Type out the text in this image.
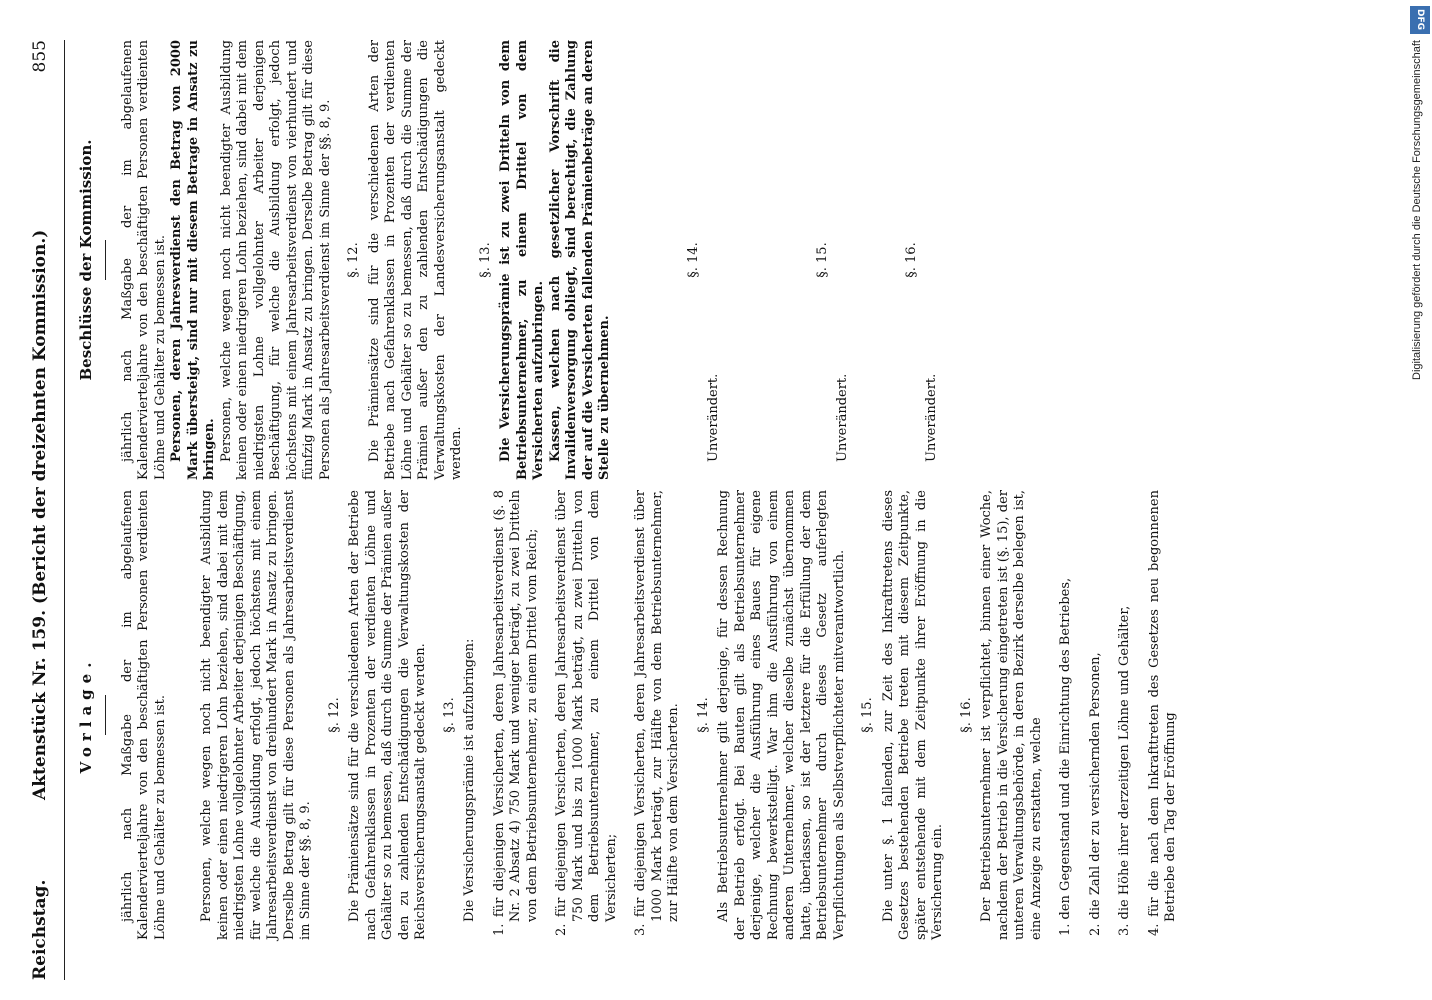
DFG
Digitalisierung gefördert durch die Deutsche Forschungsgemeinschaft
Reichstag.
Aktenstück Nr. 159. (Bericht der dreizehnten Kommission.)
855
Vorlage. jährlich nach Maßgabe der im abgelaufenen Kalendervierteljahre von den beschäftigten Personen verdienten Löhne und Gehälter zu bemessen ist. Personen, welche wegen noch nicht beendigter Ausbildung keinen oder einen niedrigeren Lohn beziehen, sind dabei mit dem niedrigsten Lohne vollgelohnter Arbeiter derjenigen Beschäftigung, für welche die Ausbildung erfolgt, jedoch höchstens mit einem Jahresarbeitsverdienst von dreihundert Mark in Ansatz zu bringen. Derselbe Betrag gilt für diese Personen als Jahresarbeitsverdienst im Sinne der §§. 8, 9.

§. 12. Die Prämiensätze sind für die verschiedenen Arten der Betriebe nach Gefahrenklassen in Prozenten der verdienten Löhne und Gehälter so zu bemessen, daß durch die Summe der Prämien außer den zu zahlenden Entschädigungen die Verwaltungskosten der Reichsversicherungsanstalt gedeckt werden. §. 13. Die Versicherungsprämie ist aufzubringen: 1. für diejenigen Versicherten, deren Jahresarbeitsverdienst (§. 8 Nr. 2 Absatz 4) 750 Mark und weniger beträgt, zu zwei Dritteln von dem Betriebsunternehmer, zu einem Drittel vom Reich; 2. für diejenigen Versicherten, deren Jahresarbeitsverdienst über 750 Mark und bis zu 1000 Mark beträgt, zu zwei Dritteln von dem Betriebsunternehmer, zu einem Drittel von dem Versicherten; 3. für diejenigen Versicherten, deren Jahresarbeitsverdienst über 1000 Mark beträgt, zur Hälfte von dem Betriebsunternehmer, zur Hälfte von dem Versicherten. §. 14. Als Betriebsunternehmer gilt derjenige, für dessen Rechnung der Betrieb erfolgt. Bei Bauten gilt als Betriebsunternehmer derjenige, welcher die Ausführung eines Baues für eigene Rechnung bewerkstelligt. War ihm die Ausführung von einem anderen Unternehmer, welcher dieselbe zunächst übernommen hatte, überlassen, so ist der letztere für die Erfüllung der dem Betriebsunternehmer durch dieses Gesetz auferlegten Verpflichtungen als Selbstverpflichteter mitverantwortlich. §. 15. Die unter §. 1 fallenden, zur Zeit des Inkrafttretens dieses Gesetzes bestehenden Betriebe treten mit diesem Zeitpunkte, später entstehende mit dem Zeitpunkte ihrer Eröffnung in die Versicherung ein.

§. 16. Der Betriebsunternehmer ist verpflichtet, binnen einer Woche, nachdem der Betrieb in die Versicherung eingetreten ist (§. 15), der unteren Verwaltungsbehörde, in deren Bezirk derselbe belegen ist, eine Anzeige zu erstatten, welche 1. den Gegenstand und die Einrichtung des Betriebes, 2. die Zahl der zu versichernden Personen, 3. die Höhe ihrer derzeitigen Löhne und Gehälter, 4. für die nach dem Inkrafttreten des Gesetzes neu begonnenen Betriebe den Tag der Eröffnung

Beschlüsse der Kommission. jährlich nach Maßgabe der im abgelaufenen Kalendervierteljahre von den beschäftigten Personen verdienten Löhne und Gehälter zu bemessen ist. Personen, deren Jahresverdienst den Betrag von 2000 Mark übersteigt, sind nur mit diesem Betrage in Ansatz zu bringen. Personen, welche wegen noch nicht beendigter Ausbildung keinen oder einen niedrigeren Lohn beziehen, sind dabei mit dem niedrigsten Lohne vollgelohnter Arbeiter derjenigen Beschäftigung, für welche die Ausbildung erfolgt, jedoch höchstens mit einem Jahresarbeitsverdienst von vierhundert und fünfzig Mark in Ansatz zu bringen. Derselbe Betrag gilt für diese Personen als Jahresarbeitsverdienst im Sinne der §§. 8, 9. §. 12. Die Prämiensätze sind für die verschiedenen Arten der Betriebe nach Gefahrenklassen in Prozenten der verdienten Löhne und Gehälter so zu bemessen, daß durch die Summe der Prämien außer den zu zahlenden Entschädigungen die Verwaltungskosten der Landesversicherungsanstalt gedeckt werden.

§. 13. Die Versicherungsprämie ist zu zwei Dritteln von dem Betriebsunternehmer, zu einem Drittel von dem Versicherten aufzubringen. Kassen, welchen nach gesetzlicher Vorschrift die Invalidenversorgung obliegt, sind berechtigt, die Zahlung der auf die Versicherten fallenden Prämienbeträge an deren Stelle zu übernehmen.

§. 14.

Unverändert.

§. 15.

Unverändert.

§. 16.

Unverändert.
